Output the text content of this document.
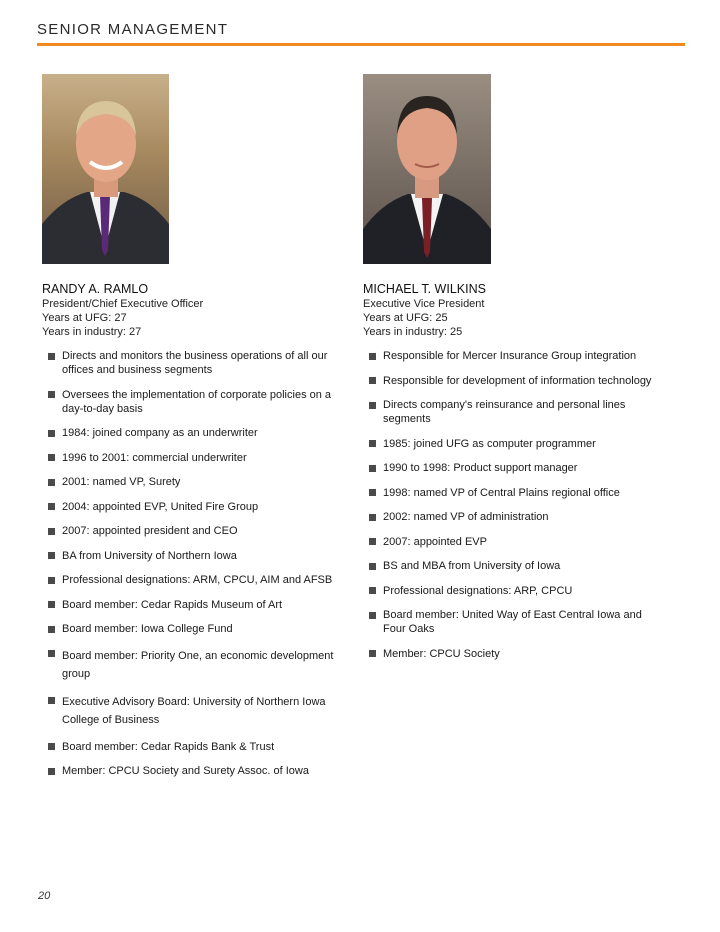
SENIOR MANAGEMENT
RANDY A. RAMLO
President/Chief Executive Officer
Years at UFG: 27
Years in industry: 27
Directs and monitors the business operations of all our offices and business segments
Oversees the implementation of corporate policies on a day-to-day basis
1984: joined company as an underwriter
1996 to 2001: commercial underwriter
2001: named VP, Surety
2004: appointed EVP, United Fire Group
2007: appointed president and CEO
BA from University of Northern Iowa
Professional designations: ARM, CPCU, AIM and AFSB
Board member: Cedar Rapids Museum of Art
Board member: Iowa College Fund
Board member: Priority One, an economic development group
Executive Advisory Board: University of Northern Iowa College of Business
Board member: Cedar Rapids Bank & Trust
Member: CPCU Society and Surety Assoc. of Iowa
MICHAEL T. WILKINS
Executive Vice President
Years at UFG: 25
Years in industry: 25
Responsible for Mercer Insurance Group integration
Responsible for development of information technology
Directs company's reinsurance and personal lines segments
1985: joined UFG as computer programmer
1990 to 1998: Product support manager
1998: named VP of Central Plains regional office
2002: named VP of administration
2007: appointed EVP
BS and MBA from University of Iowa
Professional designations: ARP, CPCU
Board member: United Way of East Central Iowa and Four Oaks
Member: CPCU Society
20
